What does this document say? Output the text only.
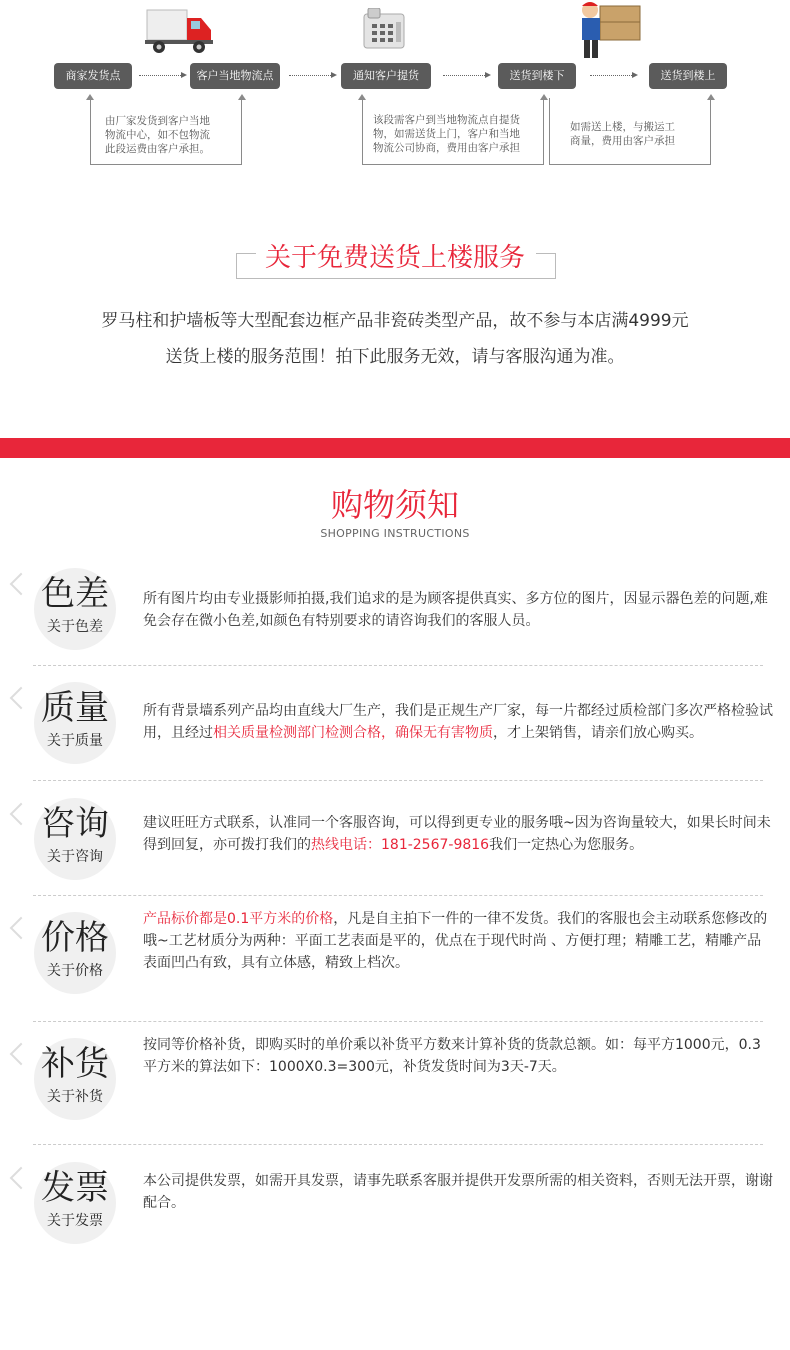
商家发货点	客户当地物流点	通知客户提货	送货到楼下	送货到楼上
由厂家发货到客户当地
物流中心，如不包物流
此段运费由客户承担。
该段需客户到当地物流点自提货
物，如需送货上门，客户和当地
物流公司协商，费用由客户承担
如需送上楼，与搬运工
商量，费用由客户承担
关于免费送货上楼服务
罗马柱和护墙板等大型配套边框产品非瓷砖类型产品，故不参与本店满4999元
送货上楼的服务范围！拍下此服务无效，请与客服沟通为准。
购物须知
SHOPPING INSTRUCTIONS
色差
关于色差
所有图片均由专业摄影师拍摄,我们追求的是为顾客提供真实、多方位的图片，因显示器色差的问题,难免会存在微小色差,如颜色有特别要求的请咨询我们的客服人员。
质量
关于质量
所有背景墙系列产品均由直线大厂生产，我们是正规生产厂家，每一片都经过质检部门多次严格检验试用，且经过相关质量检测部门检测合格，确保无有害物质，才上架销售，请亲们放心购买。
咨询
关于咨询
建议旺旺方式联系，认准同一个客服咨询，可以得到更专业的服务哦~因为咨询量较大，如果长时间未得到回复，亦可拨打我们的热线电话：181-2567-9816我们一定热心为您服务。
价格
关于价格
产品标价都是0.1平方米的价格，凡是自主拍下一件的一律不发货。我们的客服也会主动联系您修改的哦~工艺材质分为两种：平面工艺表面是平的，优点在于现代时尚 、方便打理；精雕工艺，精雕产品表面凹凸有致，具有立体感，精致上档次。
补货
关于补货
按同等价格补货，即购买时的单价乘以补货平方数来计算补货的货款总额。如：每平方1000元，0.3平方米的算法如下：1000X0.3=300元，补货发货时间为3天-7天。
发票
关于发票
本公司提供发票，如需开具发票，请事先联系客服并提供开发票所需的相关资料，否则无法开票，谢谢配合。
